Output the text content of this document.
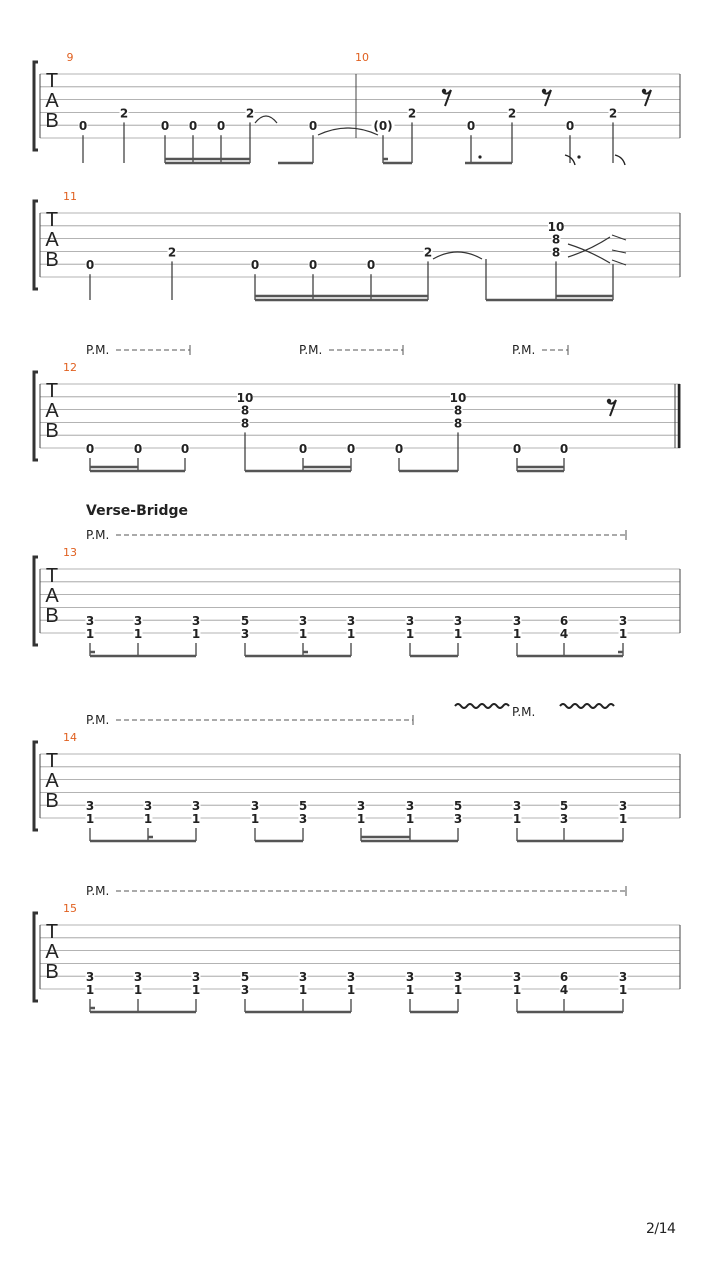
T
A
B
9	10
0
2
0 0 0
2
0	(0)
2
0
2
0
2
T
A
B
11
0
2
0	0	0
2
10
8
8
P.M.	P.M.	P.M.
T
A
B
12
0	0	0
10
8
8
0	0	0
10
8
8
0	0
P.M.
T
A
B
13
3
1
3
1
3
1
5
3
3
1
3
1
3
1
3
1
3
1
6
4
3
1
P.M.
P.M.
T
A
B
14
3
1
3
1
3
1
3
1
5
3
3
1
3
1
5
3
3
1
5
3
3
1
P.M.
T
A
B
15
3
1
3
1
3
1
5
3
3
1
3
1
3
1
3
1
3
1
6
4
3
1
Verse-Bridge
2/14
